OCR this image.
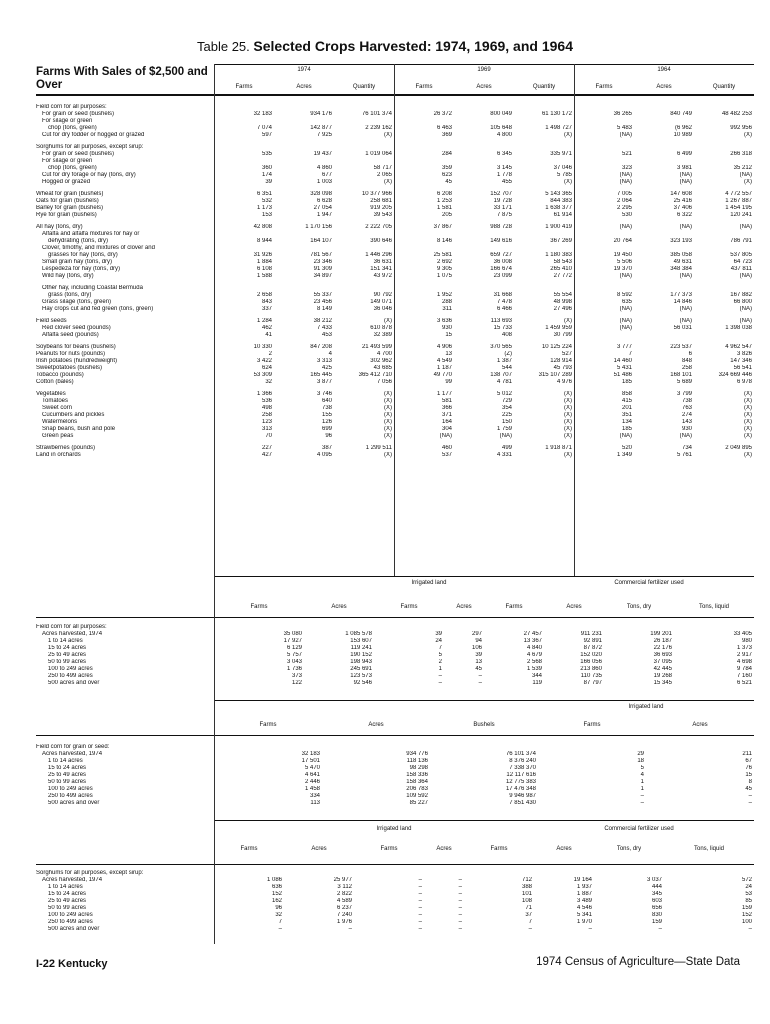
Table 25. Selected Crops Harvested: 1974, 1969, and 1964
Farms With Sales of $2,500 and Over
1974	1969	1964
Farms	Acres	Quantity	Farms	Acres	Quantity	Farms	Acres	Quantity
Field corn for all purposes:									
For grain or seed (bushels)	32 183	934 176	76 101 374	26 372	800 049	61 130 172	36 265	840 749	48 482 253
For silage or green									
chop (tons, green)	7 074	142 877	2 239 162	6 463	105 648	1 498 727	5 483	(6 962	992 956
Cut for dry fodder or hogged or grazed	597	7 925	(X)	369	4 800	(X)	(NA)	10 989	(X)

Sorghums for all purposes, except sirup:									
For grain or seed (bushels)	535	19 437	1 019 064	284	6 345	335 971	521	6 499	266 318
For silage or green									
chop (tons, green)	360	4 860	58 717	359	3 145	37 046	323	3 981	35 212
Cut for dry forage or hay (tons, dry)	174	677	2 065	623	1 778	5 785	(NA)	(NA)	(NA)
Hogged or grazed	39	1 003	(X)	45	455	(X)	(NA)	(NA)	(X)

Wheat for grain (bushels)	6 351	328 098	10 377 966	6 208	152 707	5 143 365	7 005	147 608	4 772 557
Oats for grain (bushels)	532	6 628	258 681	1 253	19 728	844 383	2 064	25 416	1 267 887
Barley for grain (bushels)	1 173	27 054	919 205	1 581	33 171	1 638 377	2 295	37 406	1 454 195
Rye for grain (bushels)	153	1 947	39 543	205	7 875	61 914	530	6 322	120 241

All hay (tons, dry)	42 808	1 170 156	2 222 705	37 867	988 728	1 900 419	(NA)	(NA)	(NA)
Alfalfa and alfalfa mixtures for hay or									
dehydrating (tons, dry)	8 944	164 107	390 646	8 146	149 616	367 269	20 764	323 193	786 791
Clover, timothy, and mixtures of clover and									
grasses for hay (tons, dry)	31 926	781 567	1 446 296	25 581	659 727	1 180 383	19 450	385 058	537 805
Small grain hay (tons, dry)	1 884	23 346	36 631	2 692	36 008	58 543	5 506	49 631	64 723
Lespedeza for hay (tons, dry)	6 108	91 309	151 341	9 305	166 674	265 410	19 370	348 384	437 811
Wild hay (tons, dry)	1 588	34 897	43 972	1 075	23 099	27 772	(NA)	(NA)	(NA)

Other hay, including Coastal Bermuda									
grass (tons, dry)	2 658	55 337	90 792	1 952	31 668	55 554	8 592	177 373	167 882
Grass silage (tons, green)	843	23 456	149 071	288	7 478	48 998	635	14 846	66 800
Hay crops cut and fed green (tons, green)	337	8 149	36 046	311	6 466	27 496	(NA)	(NA)	(NA)

Field seeds	1 284	38 212	(X)	3 636	113 693	(X)	(NA)	(NA)	(NA)
Red clover seed (pounds)	462	7 433	610 878	930	15 733	1 459 959	(NA)	56 031	1 398 038
Alfalfa seed (pounds)	41	453	32 389	15	408	30 799			

Soybeans for beans (bushels)	10 330	847 208	21 493 599	4 906	370 565	10 125 224	3 777	223 537	4 962 547
Peanuts for nuts (pounds)	2	4	4 700	13	(Z)	527	7	6	3 826
Irish potatoes (hundredweight)	3 422	3 313	302 962	4 549	1 387	128 914	14 460	848	147 346
Sweetpotatoes (bushels)	624	425	43 685	1 187	544	45 793	5 431	258	56 541
Tobacco (pounds)	53 309	165 445	365 412 710	49 770	138 707	315 107 289	51 486	168 101	324 669 446
Cotton (bales)	32	3 877	7 056	99	4 781	4 976	185	5 689	6 978

Vegetables	1 366	3 746	(X)	1 177	5 012	(X)	858	3 799	(X)
Tomatoes	536	640	(X)	581	729	(X)	415	738	(X)
Sweet corn	498	738	(X)	366	354	(X)	201	763	(X)
Cucumbers and pickles	258	155	(X)	371	225	(X)	351	274	(X)
Watermelons	123	126	(X)	164	150	(X)	134	143	(X)
Snap beans, bush and pole	313	699	(X)	304	1 759	(X)	185	930	(X)
Green peas	70	96	(X)	(NA)	(NA)	(X)	(NA)	(NA)	(X)

Strawberries (pounds)	227	387	1 299 511	460	499	1 918 871	520	734	2 049 895
Land in orchards	427	4 095	(X)	537	4 331	(X)	1 349	5 761	(X)
Irrigated land	Commercial fertilizer used
Farms	Acres	Farms	Acres	Farms	Acres	Tons, dry	Tons, liquid
Field corn for all purposes:								
Acres harvested, 1974	35 080	1 085 578	39	297	27 457	911 231	199 201	33 405
1 to 14 acres	17 927	153 607	24	94	13 367	92 891	26 187	980
15 to 24 acres	6 129	119 241	7	106	4 840	87 872	22 176	1 373
25 to 49 acres	5 757	190 152	5	39	4 679	152 020	36 693	2 917
50 to 99 acres	3 043	198 943	2	13	2 568	166 056	37 095	4 698
100 to 249 acres	1 736	245 691	1	45	1 539	213 860	42 445	9 784
250 to 499 acres	373	123 573	–	–	344	110 735	19 268	7 160
500 acres and over	122	92 546	–	–	119	87 797	15 345	6 521
Irrigated land
Farms	Acres	Bushels	Farms	Acres
Field corn for grain or seed:					
Acres harvested, 1974	32 183	934 776	76 101 374	29	211
1 to 14 acres	17 501	118 136	8 376 240	18	67
15 to 24 acres	5 470	98 298	7 338 370	5	76
25 to 49 acres	4 641	158 336	12 117 616	4	15
50 to 99 acres	2 446	158 364	12 775 383	1	8
100 to 249 acres	1 458	206 783	17 476 348	1	45
250 to 499 acres	334	109 592	9 946 987	–	–
500 acres and over	113	85 227	7 851 430	–	–
Irrigated land	Commercial fertilizer used
Farms	Acres	Farms	Acres	Farms	Acres	Tons, dry	Tons, liquid
Sorghums for all purposes, except sirup:								
Acres harvested, 1974	1 086	25 977	–	–	712	19 164	3 037	572
1 to 14 acres	636	3 112	–	–	388	1 937	444	24
15 to 24 acres	152	2 822	–	–	101	1 887	345	53
25 to 49 acres	162	4 589	–	–	108	3 489	603	85
50 to 99 acres	96	6 237	–	–	71	4 546	656	159
100 to 249 acres	32	7 240	–	–	37	5 341	830	152
250 to 499 acres	7	1 976	–	–	7	1 970	159	100
500 acres and over	–	–	–	–	–	–	–	–
I-22 Kentucky	1974 Census of Agriculture—State Data
